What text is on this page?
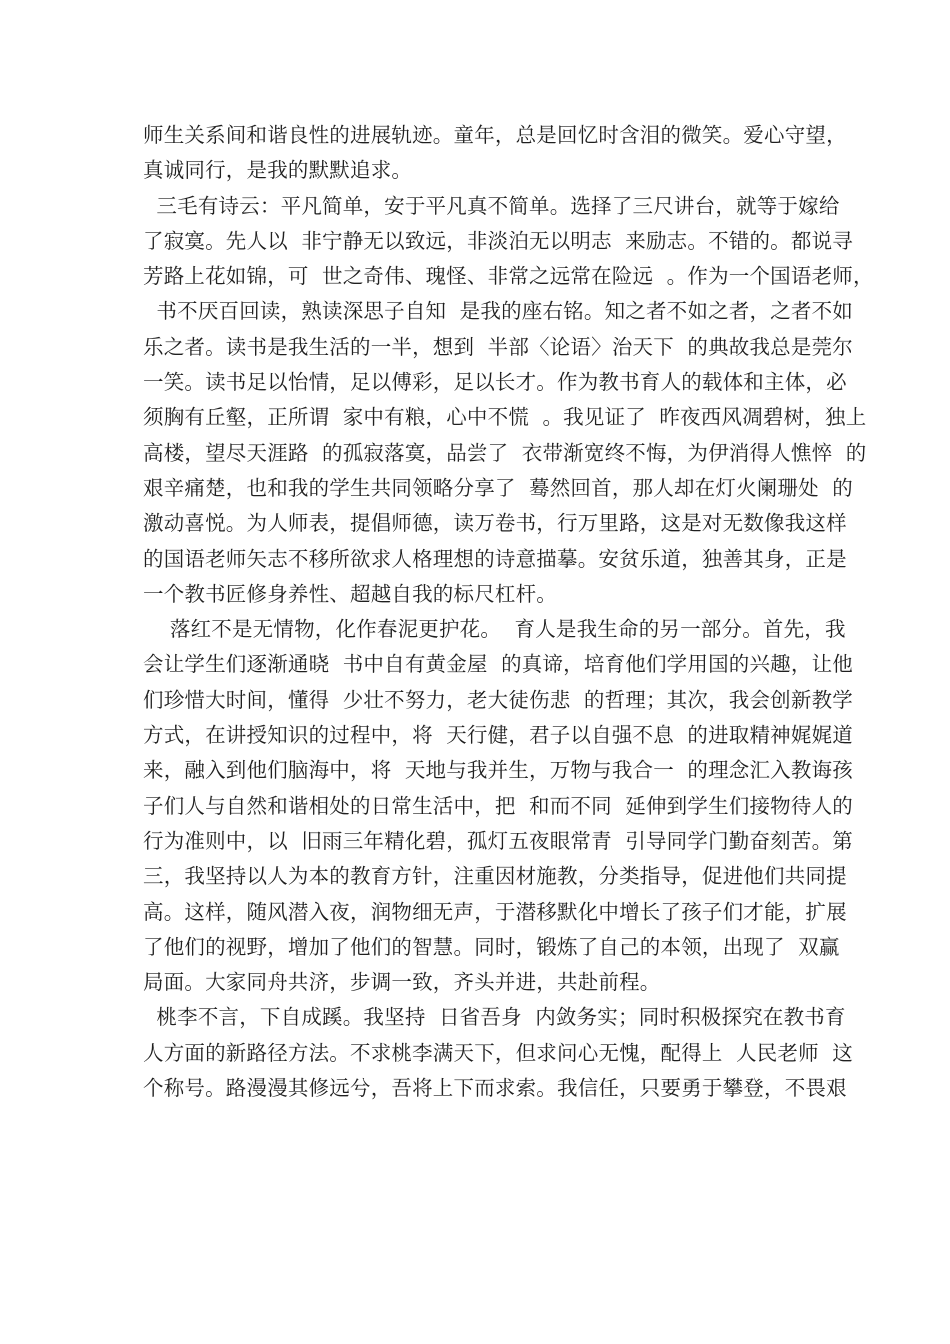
师生关系间和谐良性的进展轨迹。童年，总是回忆时含泪的微笑。爱心守望，
真诚同行，是我的默默追求。
三毛有诗云：平凡简单，安于平凡真不简单。选择了三尺讲台，就等于嫁给
了寂寞。先人以  非宁静无以致远，非淡泊无以明志  来励志。不错的。都说寻
芳路上花如锦，可  世之奇伟、瑰怪、非常之远常在险远  。作为一个国语老师，
书不厌百回读，熟读深思子自知  是我的座右铭。知之者不如之者，之者不如
乐之者。读书是我生活的一半，想到  半部〈论语〉治天下  的典故我总是莞尔
一笑。读书足以怡情，足以傅彩，足以长才。作为教书育人的载体和主体，必
须胸有丘壑，正所谓  家中有粮，心中不慌  。我见证了  昨夜西风凋碧树，独上
高楼，望尽天涯路  的孤寂落寞，品尝了  衣带渐宽终不悔，为伊消得人憔悴  的
艰辛痛楚，也和我的学生共同领略分享了  蓦然回首，那人却在灯火阑珊处  的
激动喜悦。为人师表，提倡师德，读万卷书，行万里路，这是对无数像我这样
的国语老师矢志不移所欲求人格理想的诗意描摹。安贫乐道，独善其身，正是
一个教书匠修身养性、超越自我的标尺杠杆。
落红不是无情物，化作春泥更护花。  育人是我生命的另一部分。首先，我
会让学生们逐渐通晓  书中自有黄金屋  的真谛，培育他们学用国的兴趣，让他
们珍惜大时间，懂得  少壮不努力，老大徒伤悲  的哲理；其次，我会创新教学
方式，在讲授知识的过程中，将  天行健，君子以自强不息  的进取精神娓娓道
来，融入到他们脑海中，将  天地与我并生，万物与我合一  的理念汇入教诲孩
子们人与自然和谐相处的日常生活中，把  和而不同  延伸到学生们接物待人的
行为准则中，以  旧雨三年精化碧，孤灯五夜眼常青  引导同学门勤奋刻苦。第
三，我坚持以人为本的教育方针，注重因材施教，分类指导，促进他们共同提
高。这样，随风潜入夜，润物细无声，于潜移默化中增长了孩子们才能，扩展
了他们的视野，增加了他们的智慧。同时，锻炼了自己的本领，出现了  双赢
局面。大家同舟共济，步调一致，齐头并进，共赴前程。
桃李不言，下自成蹊。我坚持  日省吾身  内敛务实；同时积极探究在教书育
人方面的新路径方法。不求桃李满天下，但求问心无愧，配得上  人民老师  这
个称号。路漫漫其修远兮，吾将上下而求索。我信任，只要勇于攀登，不畏艰
